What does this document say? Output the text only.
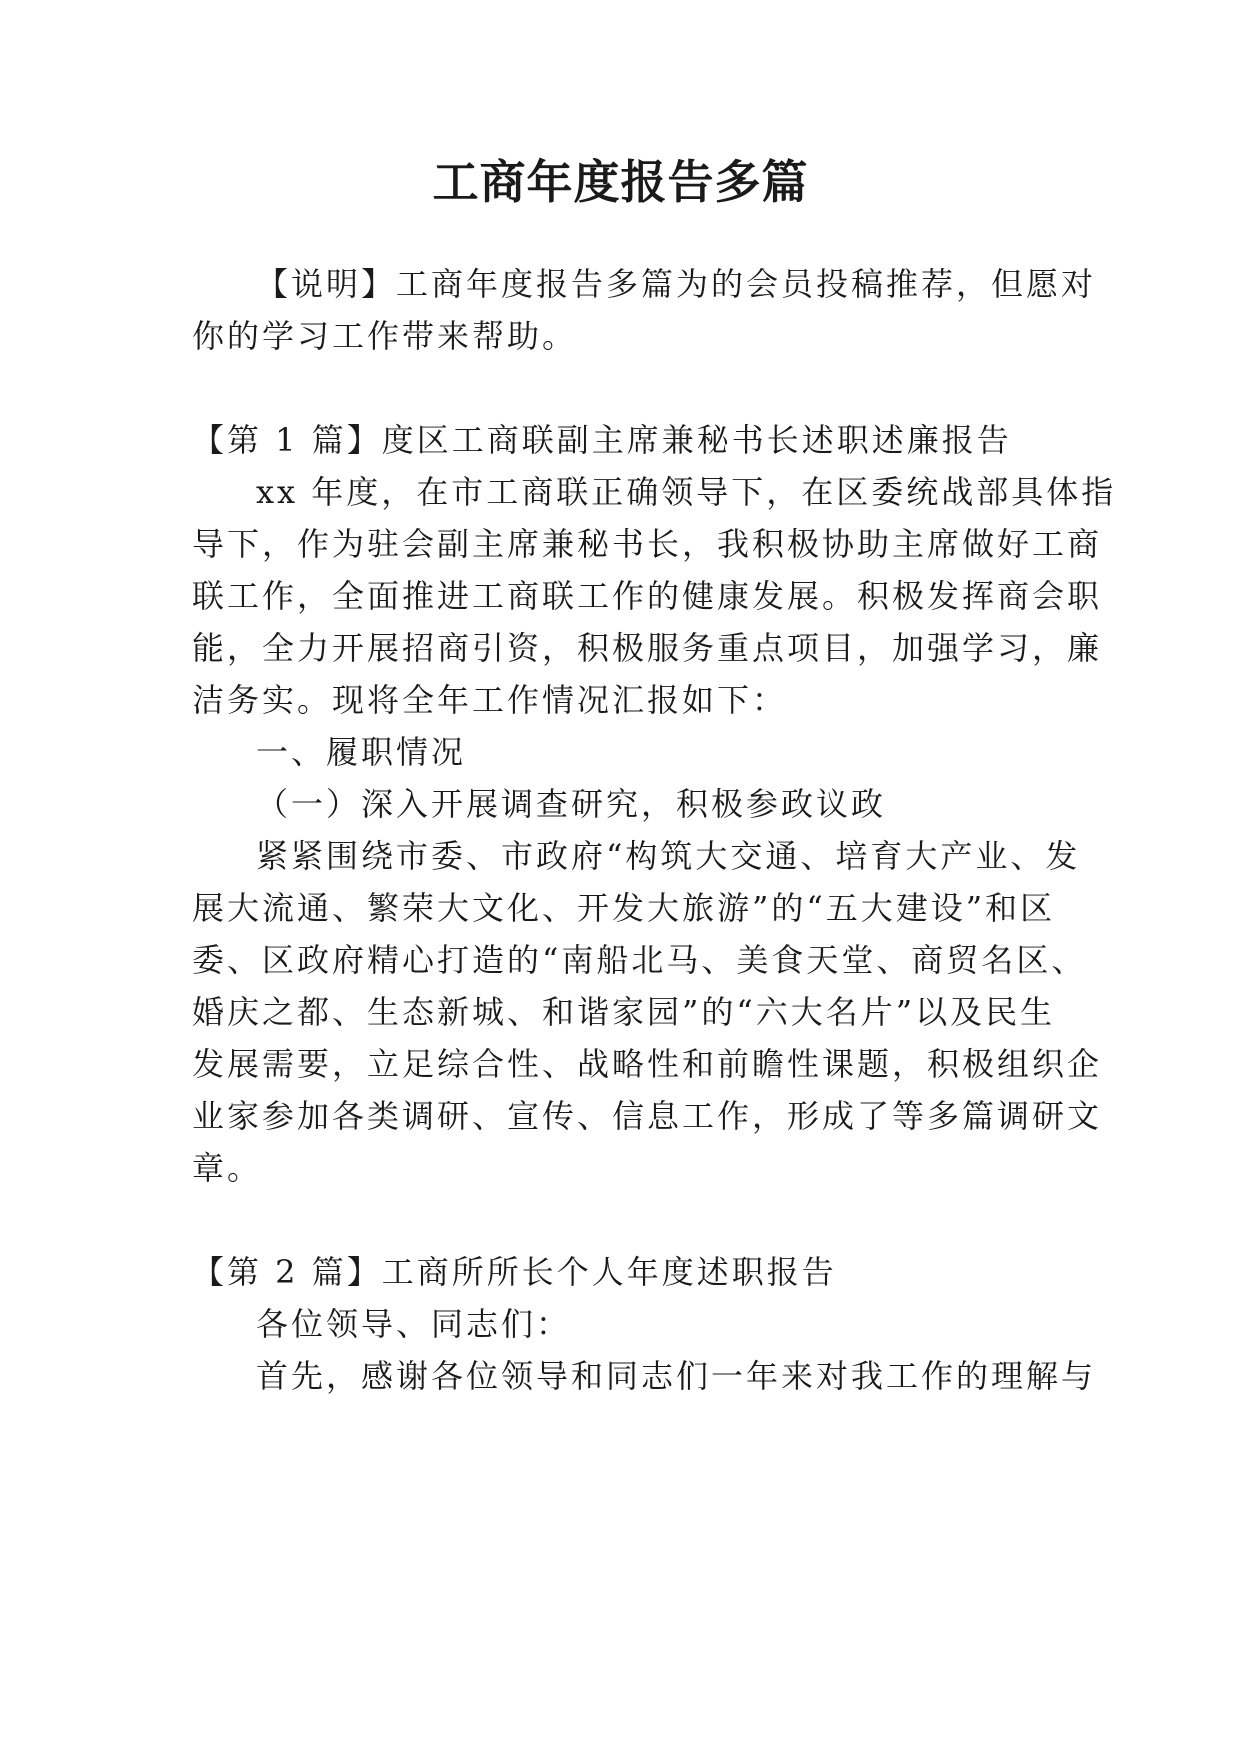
工商年度报告多篇
【说明】工商年度报告多篇为的会员投稿推荐，但愿对
你的学习工作带来帮助。
【第 1 篇】度区工商联副主席兼秘书长述职述廉报告
xx 年度，在市工商联正确领导下，在区委统战部具体指
导下，作为驻会副主席兼秘书长，我积极协助主席做好工商
联工作，全面推进工商联工作的健康发展。积极发挥商会职
能，全力开展招商引资，积极服务重点项目，加强学习，廉
洁务实。现将全年工作情况汇报如下：
一、履职情况
（一）深入开展调查研究，积极参政议政
紧紧围绕市委、市政府“构筑大交通、培育大产业、发
展大流通、繁荣大文化、开发大旅游”的“五大建设”和区
委、区政府精心打造的“南船北马、美食天堂、商贸名区、
婚庆之都、生态新城、和谐家园”的“六大名片”以及民生
发展需要，立足综合性、战略性和前瞻性课题，积极组织企
业家参加各类调研、宣传、信息工作，形成了等多篇调研文
章。
【第 2 篇】工商所所长个人年度述职报告
各位领导、同志们：
首先，感谢各位领导和同志们一年来对我工作的理解与
